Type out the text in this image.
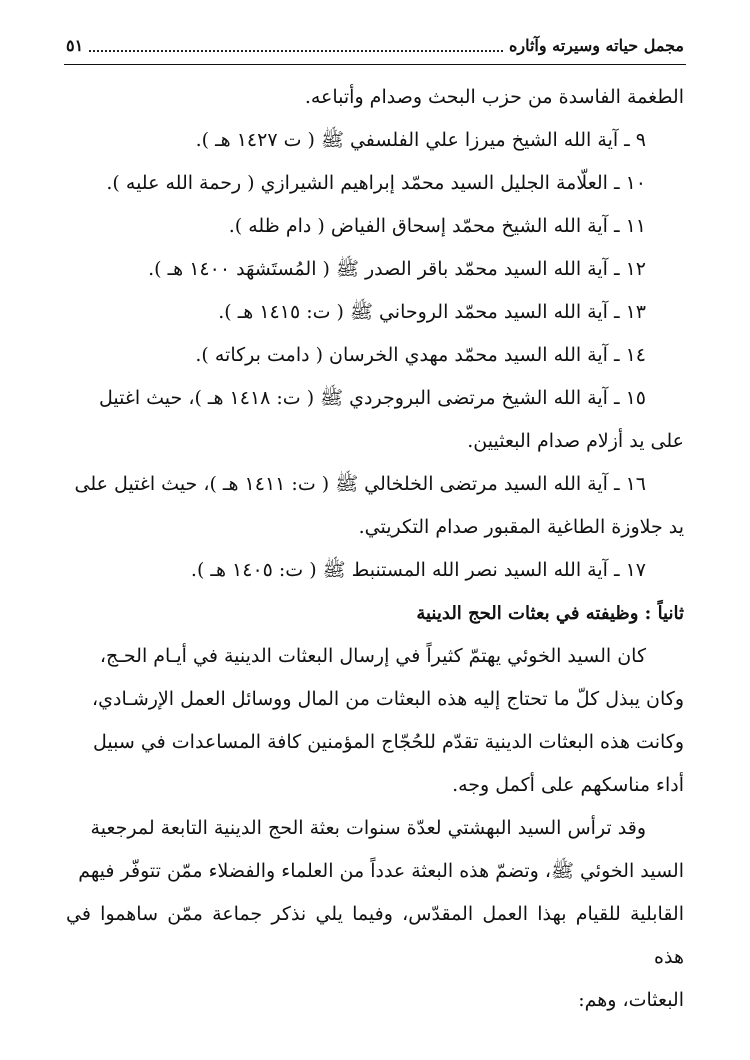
مجمل حياته وسيرته وآثاره
٥١

الطغمة الفاسدة من حزب البحث وصدام وأتباعه.

٩ ـ آية الله الشيخ ميرزا علي الفلسفي ﷺ ( ت ١٤٢٧ هـ ).

١٠ ـ العلّامة الجليل السيد محمّد إبراهيم الشيرازي ( رحمة الله عليه ).

١١ ـ آية الله الشيخ محمّد إسحاق الفياض ( دام ظله ).

١٢ ـ آية الله السيد محمّد باقر الصدر ﷺ ( المُستَشهَد ١٤٠٠ هـ ).

١٣ ـ آية الله السيد محمّد الروحاني ﷺ ( ت: ١٤١٥ هـ ).

١٤ ـ آية الله السيد محمّد مهدي الخرسان ( دامت بركاته ).

١٥ ـ آية الله الشيخ مرتضى البروجردي ﷺ ( ت: ١٤١٨ هـ )، حيث اغتيل

على يد أزلام صدام البعثيين.

١٦ ـ آية الله السيد مرتضى الخلخالي ﷺ ( ت: ١٤١١ هـ )، حيث اغتيل على

يد جلاوزة الطاغية المقبور صدام التكريتي.

١٧ ـ آية الله السيد نصر الله المستنبط ﷺ ( ت: ١٤٠٥ هـ ).

ثانياً : وظيفته في بعثات الحج الدينية

كان السيد الخوئي يهتمّ كثيراً في إرسال البعثات الدينية في أيـام الحـج،

وكان يبذل كلّ ما تحتاج إليه هذه البعثات من المال ووسائل العمل الإرشـادي،

وكانت هذه البعثات الدينية تقدّم للحُجّاج المؤمنين كافة المساعدات في سبيل

أداء مناسكهم على أكمل وجه.

وقد ترأس السيد البهشتي لعدّة سنوات بعثة الحج الدينية التابعة لمرجعية

السيد الخوئي ﷺ، وتضمّ هذه البعثة عدداً من العلماء والفضلاء ممّن تتوفّر فيهم

القابلية للقيام بهذا العمل المقدّس، وفيما يلي نذكر جماعة ممّن ساهموا في هذه

البعثات، وهم:
